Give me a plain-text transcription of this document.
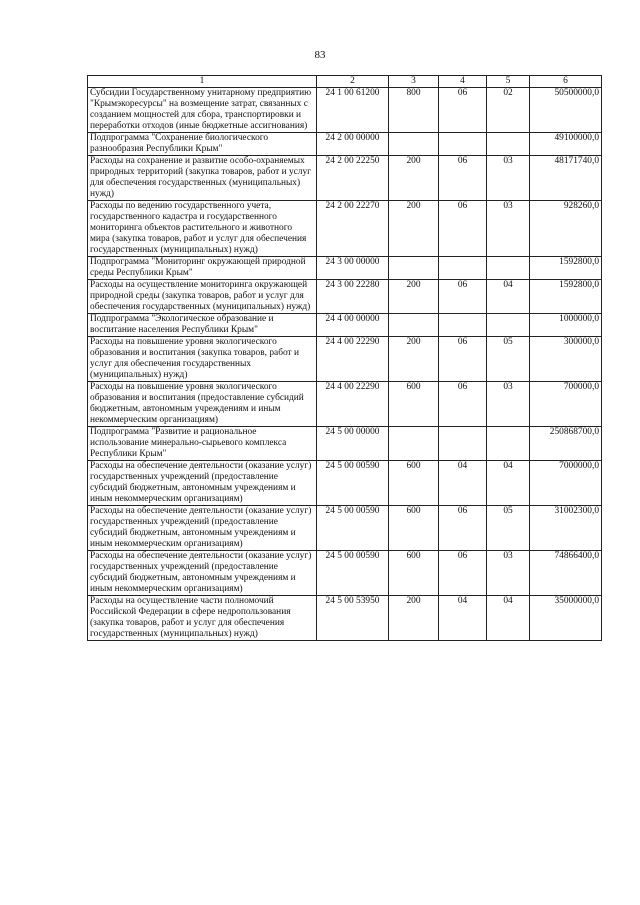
83
1	2	3	4	5	6
Субсидии Государственному унитарному предприятию "Крымэкоресурсы" на возмещение затрат, связанных с созданием мощностей для сбора, транспортировки и переработки отходов (иные бюджетные ассигнования)	24 1 00 61200	800	06	02	50500000,0
Подпрограмма "Сохранение биологического разнообразия Республики Крым"	24 2 00 00000				49100000,0
Расходы на сохранение и развитие особо-охраняемых природных территорий (закупка товаров, работ и услуг для обеспечения государственных (муниципальных) нужд)	24 2 00 22250	200	06	03	48171740,0
Расходы по ведению государственного учета, государственного кадастра и государственного мониторинга объектов растительного и животного мира (закупка товаров, работ и услуг для обеспечения государственных (муниципальных) нужд)	24 2 00 22270	200	06	03	928260,0
Подпрограмма "Мониторинг окружающей природной среды Республики Крым"	24 3 00 00000				1592800,0
Расходы на осуществление мониторинга окружающей природной среды (закупка товаров, работ и услуг для обеспечения государственных (муниципальных) нужд)	24 3 00 22280	200	06	04	1592800,0
Подпрограмма "Экологическое образование и воспитание населения Республики Крым"	24 4 00 00000				1000000,0
Расходы на повышение уровня экологического образования и воспитания (закупка товаров, работ и услуг для обеспечения государственных (муниципальных) нужд)	24 4 00 22290	200	06	05	300000,0
Расходы на повышение уровня экологического образования и воспитания (предоставление субсидий бюджетным, автономным учреждениям и иным некоммерческим организациям)	24 4 00 22290	600	06	03	700000,0
Подпрограмма "Развитие и рациональное использование минерально-сырьевого комплекса Республики Крым"	24 5 00 00000				250868700,0
Расходы на обеспечение деятельности (оказание услуг) государственных учреждений (предоставление субсидий бюджетным, автономным учреждениям и иным некоммерческим организациям)	24 5 00 00590	600	04	04	7000000,0
Расходы на обеспечение деятельности (оказание услуг) государственных учреждений (предоставление субсидий бюджетным, автономным учреждениям и иным некоммерческим организациям)	24 5 00 00590	600	06	05	31002300,0
Расходы на обеспечение деятельности (оказание услуг) государственных учреждений (предоставление субсидий бюджетным, автономным учреждениям и иным некоммерческим организациям)	24 5 00 00590	600	06	03	74866400,0
Расходы на осуществление части полномочий Российской Федерации в сфере недропользования (закупка товаров, работ и услуг для обеспечения государственных (муниципальных) нужд)	24 5 00 53950	200	04	04	35000000,0
